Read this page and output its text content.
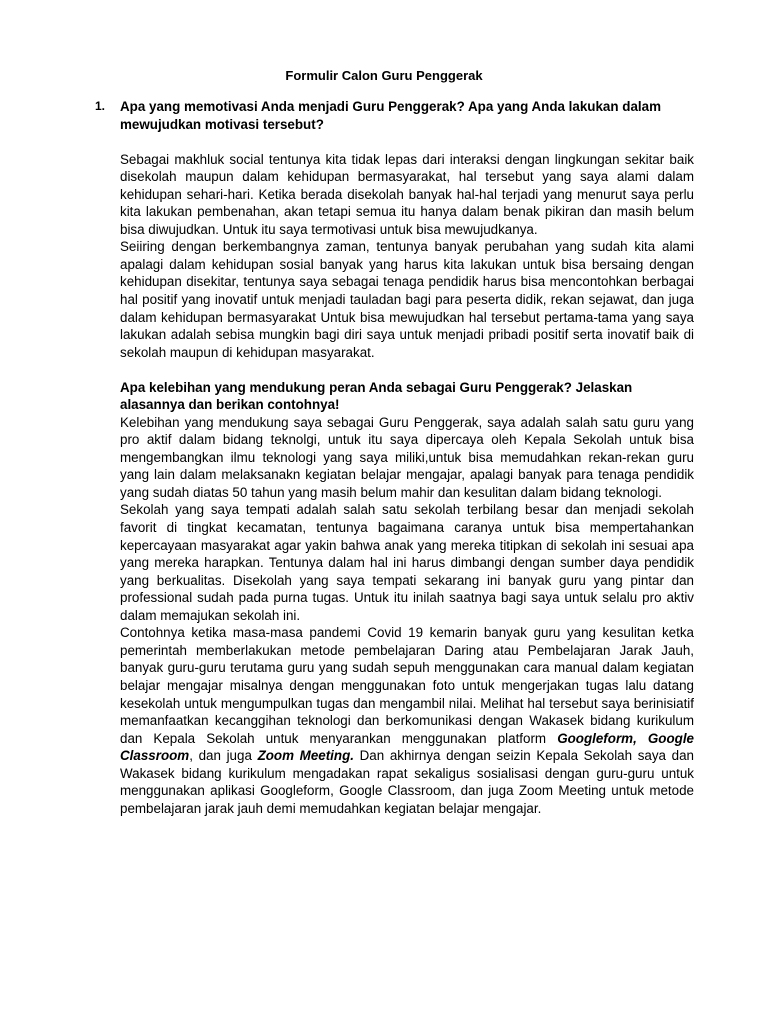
Formulir Calon Guru Penggerak

1. Apa yang memotivasi Anda menjadi Guru Penggerak? Apa yang Anda lakukan dalam mewujudkan motivasi tersebut?

Sebagai makhluk social tentunya kita tidak lepas dari interaksi dengan lingkungan sekitar baik disekolah maupun dalam kehidupan bermasyarakat, hal tersebut yang saya alami dalam kehidupan sehari-hari. Ketika berada disekolah banyak hal-hal terjadi yang menurut saya perlu kita lakukan pembenahan, akan tetapi semua itu hanya dalam benak pikiran dan masih belum bisa diwujudkan. Untuk itu saya termotivasi untuk bisa mewujudkanya.

Seiiring dengan berkembangnya zaman, tentunya banyak perubahan yang sudah kita alami apalagi dalam kehidupan sosial banyak yang harus kita lakukan untuk bisa bersaing dengan kehidupan disekitar, tentunya saya sebagai tenaga pendidik harus bisa mencontohkan berbagai hal positif yang inovatif untuk menjadi tauladan bagi para peserta didik, rekan sejawat, dan juga dalam kehidupan bermasyarakat Untuk bisa mewujudkan hal tersebut pertama-tama yang saya lakukan adalah sebisa mungkin bagi diri saya untuk menjadi pribadi positif serta inovatif baik di sekolah maupun di kehidupan masyarakat.

Apa kelebihan yang mendukung peran Anda sebagai Guru Penggerak? Jelaskan alasannya dan berikan contohnya!

Kelebihan yang mendukung saya sebagai Guru Penggerak, saya adalah salah satu guru yang pro aktif dalam bidang teknolgi, untuk itu saya dipercaya oleh Kepala Sekolah untuk bisa mengembangkan ilmu teknologi yang saya miliki,untuk bisa memudahkan rekan-rekan guru yang lain dalam melaksanakn kegiatan belajar mengajar, apalagi banyak para tenaga pendidik yang sudah diatas 50 tahun yang masih belum mahir dan kesulitan dalam bidang teknologi.

Sekolah yang saya tempati adalah salah satu sekolah terbilang besar dan menjadi sekolah favorit di tingkat kecamatan, tentunya bagaimana caranya untuk bisa mempertahankan kepercayaan masyarakat agar yakin bahwa anak yang mereka titipkan di sekolah ini sesuai apa yang mereka harapkan. Tentunya dalam hal ini harus dimbangi dengan sumber daya pendidik yang berkualitas. Disekolah yang saya tempati sekarang ini banyak guru yang pintar dan professional sudah pada purna tugas. Untuk itu inilah saatnya bagi saya untuk selalu pro aktiv dalam memajukan sekolah ini.

Contohnya ketika masa-masa pandemi Covid 19 kemarin banyak guru yang kesulitan ketka pemerintah memberlakukan metode pembelajaran Daring atau Pembelajaran Jarak Jauh, banyak guru-guru terutama guru yang sudah sepuh menggunakan cara manual dalam kegiatan belajar mengajar misalnya dengan menggunakan foto untuk mengerjakan tugas lalu datang kesekolah untuk mengumpulkan tugas dan mengambil nilai. Melihat hal tersebut saya berinisiatif memanfaatkan kecanggihan teknologi dan berkomunikasi dengan Wakasek bidang kurikulum dan Kepala Sekolah untuk menyarankan menggunakan platform Googleform, Google Classroom, dan juga Zoom Meeting. Dan akhirnya dengan seizin Kepala Sekolah saya dan Wakasek bidang kurikulum mengadakan rapat sekaligus sosialisasi dengan guru-guru untuk menggunakan aplikasi Googleform, Google Classroom, dan juga Zoom Meeting untuk metode pembelajaran jarak jauh demi memudahkan kegiatan belajar mengajar.
